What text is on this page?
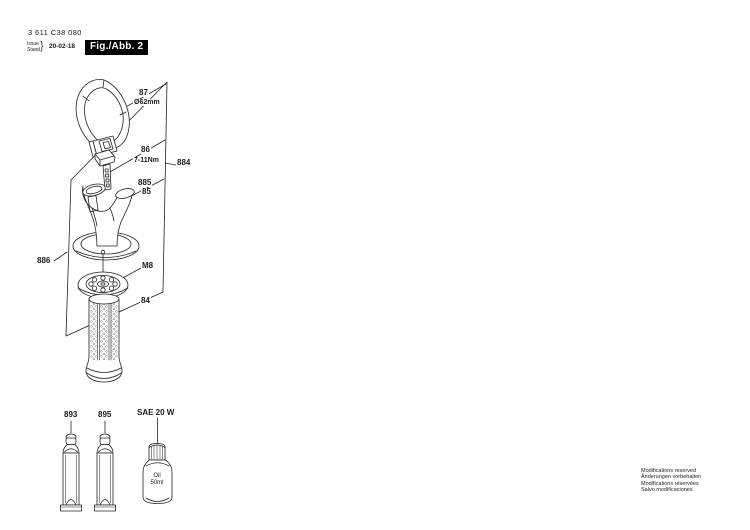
3 611 C38 080
Issue
Stand } 20-02-18	Fig./Abb. 2
87
Ø62mm
86
7-11Nm 884
885
85
886
M8
84
893	895	SAE 20 W
Oil
50ml
Modifications reserved
Änderungen vorbehalten
Modifications réservées
Salvo modificaciones
